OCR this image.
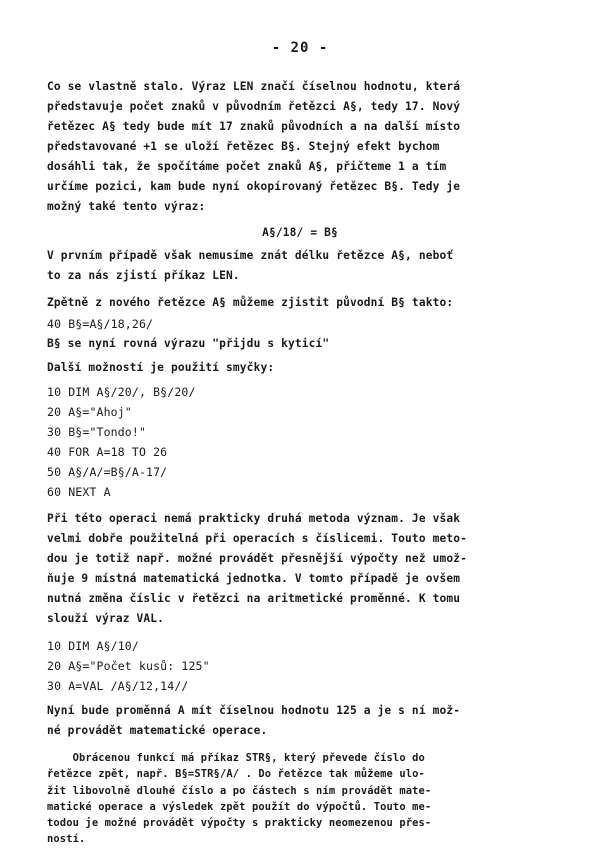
- 20 -
Co se vlastně stalo. Výraz LEN značí číselnou hodnotu, která
představuje počet znaků v původním řetězci A§, tedy 17. Nový
řetězec A§ tedy bude mít 17 znaků původních a na další místo
představované +1 se uloží řetězec B§. Stejný efekt bychom
dosáhli tak, že spočítáme počet znaků A§, přičteme 1 a tím
určíme pozici, kam bude nyní okopírovaný řetězec B§. Tedy je
možný také tento výraz:
A§/18/ = B§
V prvním případě však nemusíme znát délku řetězce A§, neboť
to za nás zjistí příkaz LEN.
Zpětně z nového řetězce A§ můžeme zjistit původní B§ takto:
40 B§=A§/18,26/
B§ se nyní rovná výrazu "přijdu s kyticí"
Další možností je použití smyčky:
10 DIM A§/20/, B§/20/
20 A§="Ahoj"
30 B§="Tondo!"
40 FOR A=18 TO 26
50 A§/A/=B§/A-17/
60 NEXT A
Při této operaci nemá prakticky druhá metoda význam. Je však
velmi dobře použitelná při operacích s číslicemi. Touto meto-
dou je totiž např. možné provádět přesnější výpočty než umož-
ňuje 9 místná matematická jednotka. V tomto případě je ovšem
nutná změna číslic v řetězci na aritmetické proměnné. K tomu
slouží výraz VAL.
10 DIM A§/10/
20 A§="Počet kusů: 125"
30 A=VAL /A§/12,14//
Nyní bude proměnná A mít číselnou hodnotu 125 a je s ní mož-
né provádět matematické operace.
Obrácenou funkcí má příkaz STR§, který převede číslo do
řetězce zpět, např. B§=STR§/A/ . Do řetězce tak můžeme ulo-
žit libovolně dlouhé číslo a po částech s ním provádět mate-
matické operace a výsledek zpět použít do výpočtů. Touto me-
todou je možné provádět výpočty s prakticky neomezenou přes-
ností.
